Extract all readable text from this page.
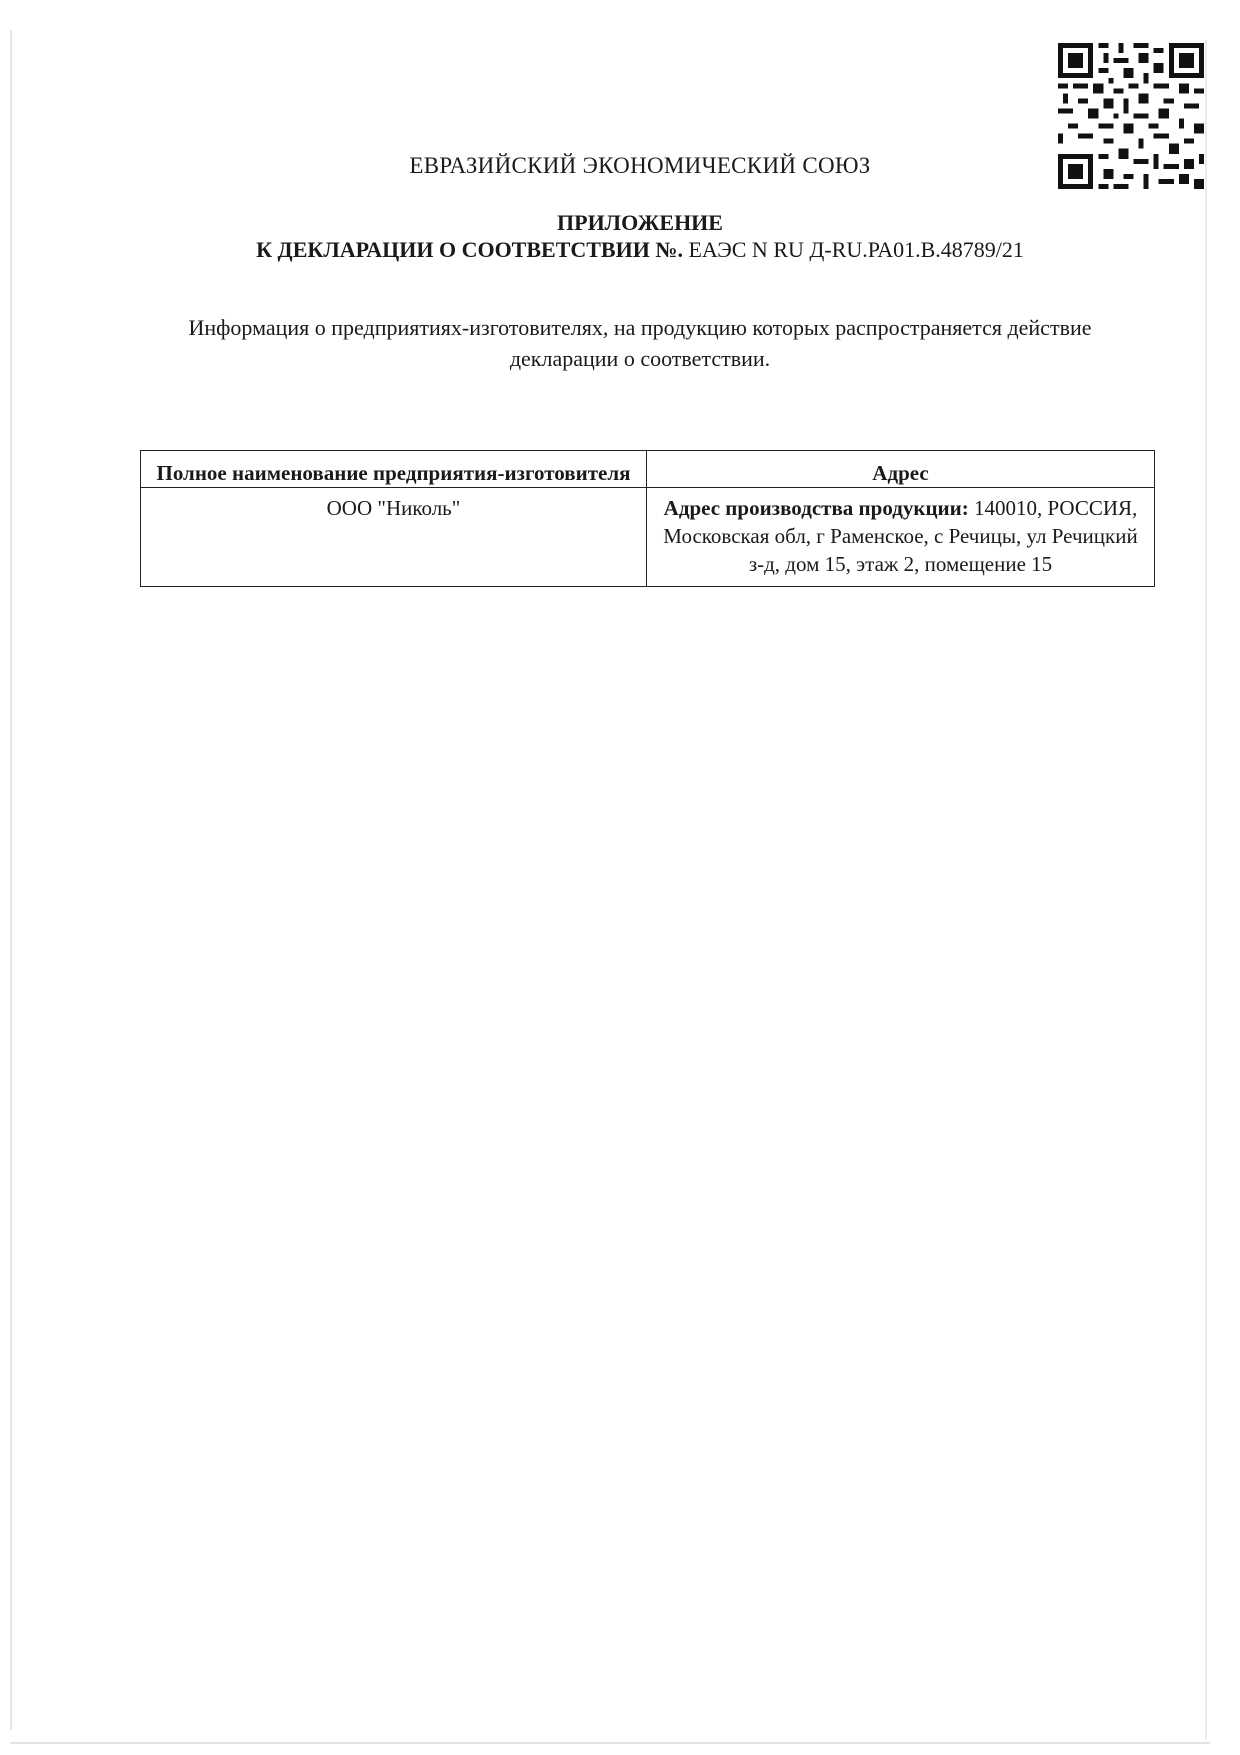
ЕВРАЗИЙСКИЙ ЭКОНОМИЧЕСКИЙ СОЮЗ
ПРИЛОЖЕНИЕ
К ДЕКЛАРАЦИИ О СООТВЕТСТВИИ №. ЕАЭС N RU Д-RU.РА01.В.48789/21
Информация о предприятиях-изготовителях, на продукцию которых распространяется действие декларации о соответствии.
Полное наименование предприятия-изготовителя	Адрес
ООО "Николь"	Адрес производства продукции: 140010, РОССИЯ, Московская обл, г Раменское, с Речицы, ул Речицкий з-д, дом 15, этаж 2, помещение 15
